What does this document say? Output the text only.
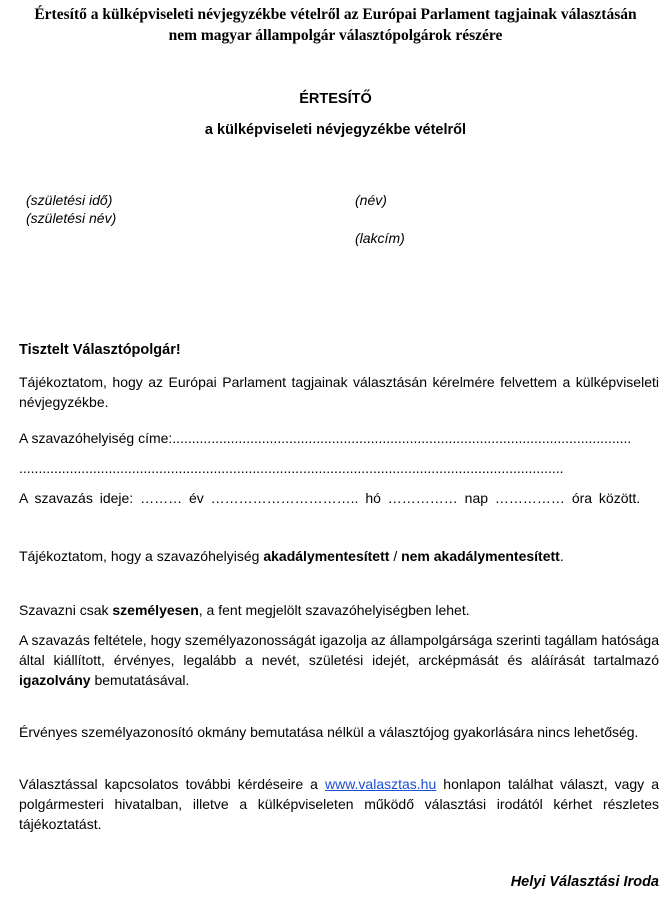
Értesítő a külképviseleti névjegyzékbe vételről az Európai Parlament tagjainak választásán
nem magyar állampolgár választópolgárok részére
ÉRTESÍTŐ
a külképviseleti névjegyzékbe vételről
(születési idő)
(születési név)
(név)
(lakcím)
Tisztelt Választópolgár!
Tájékoztatom, hogy az Európai Parlament tagjainak választásán kérelmére felvettem a külképviseleti névjegyzékbe.
A szavazóhelyiség címe:......................................................................................................................
............................................................................................................................................
A szavazás ideje: ……… év ………………………….. hó …………… nap …………… óra között.
Tájékoztatom, hogy a szavazóhelyiség akadálymentesített / nem akadálymentesített.
Szavazni csak személyesen, a fent megjelölt szavazóhelyiségben lehet.
A szavazás feltétele, hogy személyazonosságát igazolja az állampolgársága szerinti tagállam hatósága által kiállított, érvényes, legalább a nevét, születési idejét, arcképmását és aláírását tartalmazó igazolvány bemutatásával.
Érvényes személyazonosító okmány bemutatása nélkül a választójog gyakorlására nincs lehetőség.
Választással kapcsolatos további kérdéseire a www.valasztas.hu honlapon találhat választ, vagy a polgármesteri hivatalban, illetve a külképviseleten működő választási irodától kérhet részletes tájékoztatást.
Helyi Választási Iroda
